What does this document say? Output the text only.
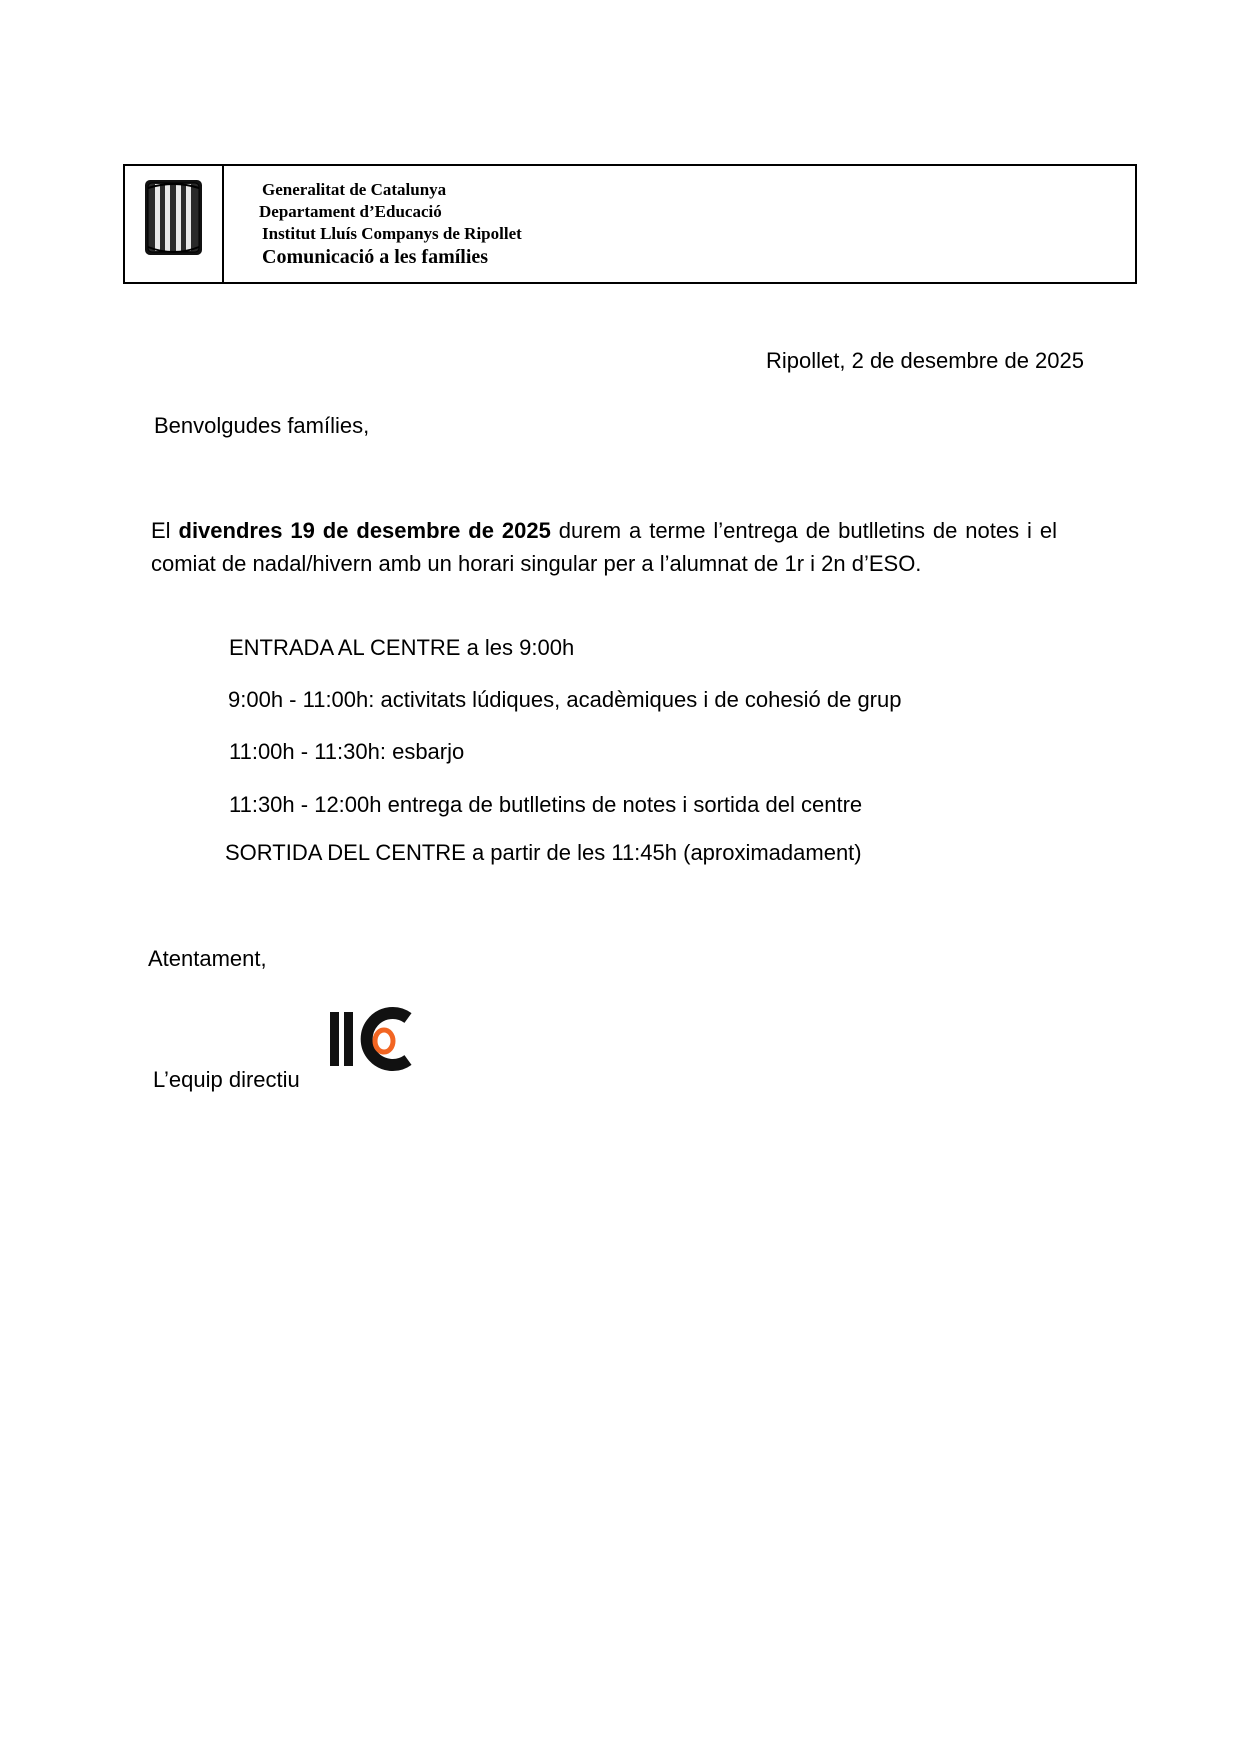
Generalitat de Catalunya
Departament d’Educació
Institut Lluís Companys de Ripollet
Comunicació a les famílies
Ripollet, 2 de desembre de 2025
Benvolgudes famílies,
El divendres 19 de desembre de 2025 durem a terme l’entrega de butlletins de notes i el comiat de nadal/hivern amb un horari singular per a l’alumnat de 1r i 2n d’ESO.
ENTRADA AL CENTRE a les 9:00h
9:00h - 11:00h: activitats lúdiques, acadèmiques i de cohesió de grup
11:00h - 11:30h: esbarjo
11:30h - 12:00h entrega de butlletins de notes i sortida del centre
SORTIDA DEL CENTRE a partir de les 11:45h (aproximadament)
Atentament,
L’equip directiu
